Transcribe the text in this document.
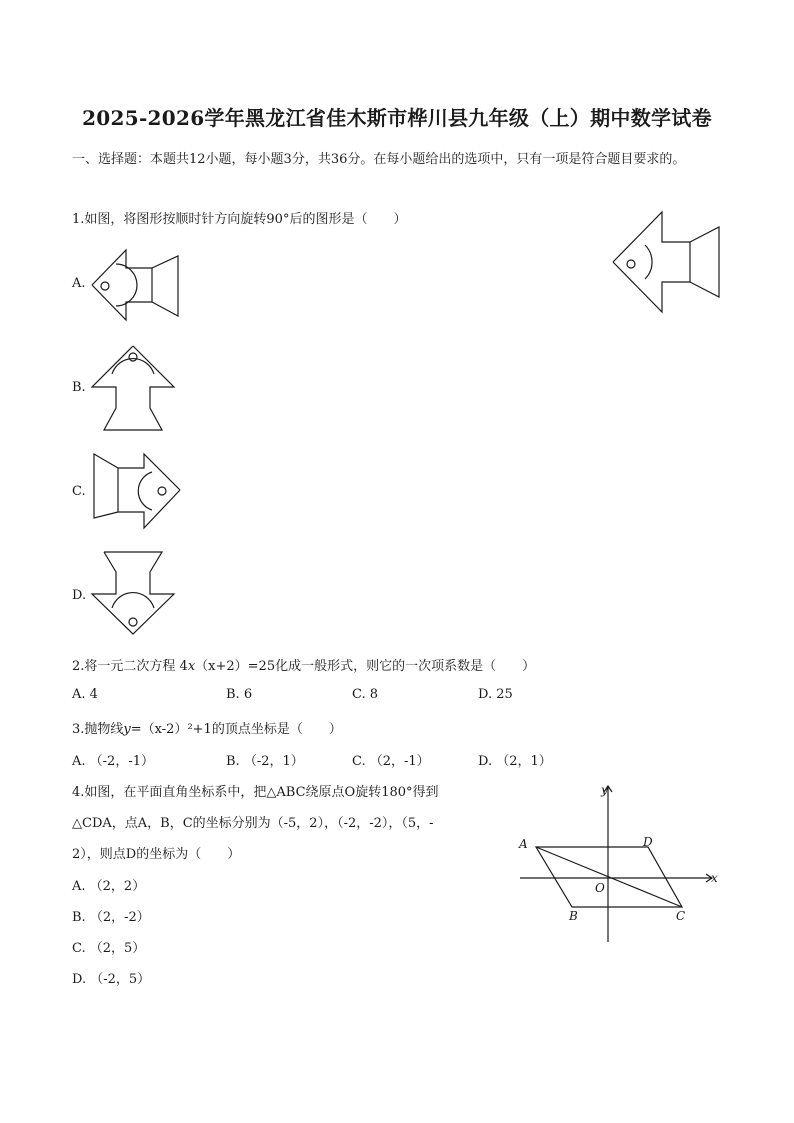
2025-2026学年黑龙江省佳木斯市桦川县九年级（上）期中数学试卷
一、选择题：本题共12小题，每小题3分，共36分。在每小题给出的选项中，只有一项是符合题目要求的。
1.如图，将图形按顺时针方向旋转90°后的图形是（　　）
A.
B.
C.
D.
2.将一元二次方程 4x（x+2）=25化成一般形式，则它的一次项系数是（　　）
A. 4	B. 6	C. 8	D. 25
3.抛物线y=（x-2）²+1的顶点坐标是（　　）
A. （-2，-1）	B. （-2，1）	C. （2，-1）	D. （2，1）
4.如图，在平面直角坐标系中，把△ABC绕原点O旋转180°得到
△CDA，点A，B，C的坐标分别为（-5，2），（-2，-2），（5，-
2），则点D的坐标为（　　）
A. （2，2）
B. （2，-2）
C. （2，5）
D. （-2，5）
y
x
A	D
O
B	C
